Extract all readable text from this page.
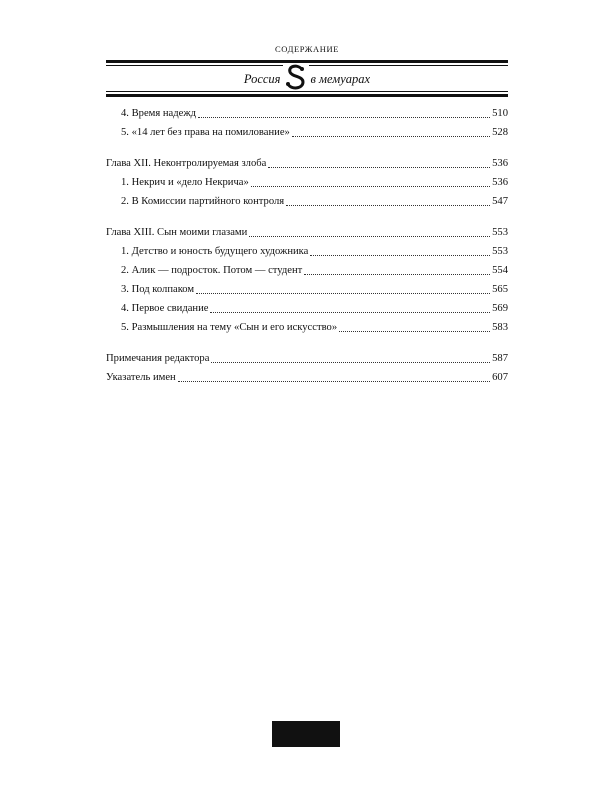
СОДЕРЖАНИЕ
Россия в мемуарах
4. Время надежд	510
5. «14 лет без права на помилование»	528
Глава XII. Неконтролируемая злоба	536
1. Некрич и «дело Некрича»	536
2. В Комиссии партийного контроля	547
Глава XIII. Сын моими глазами	553
1. Детство и юность будущего художника	553
2. Алик — подросток. Потом — студент	554
3. Под колпаком	565
4. Первое свидание	569
5. Размышления на тему «Сын и его искусство»	583
Примечания редактора	587
Указатель имен	607
